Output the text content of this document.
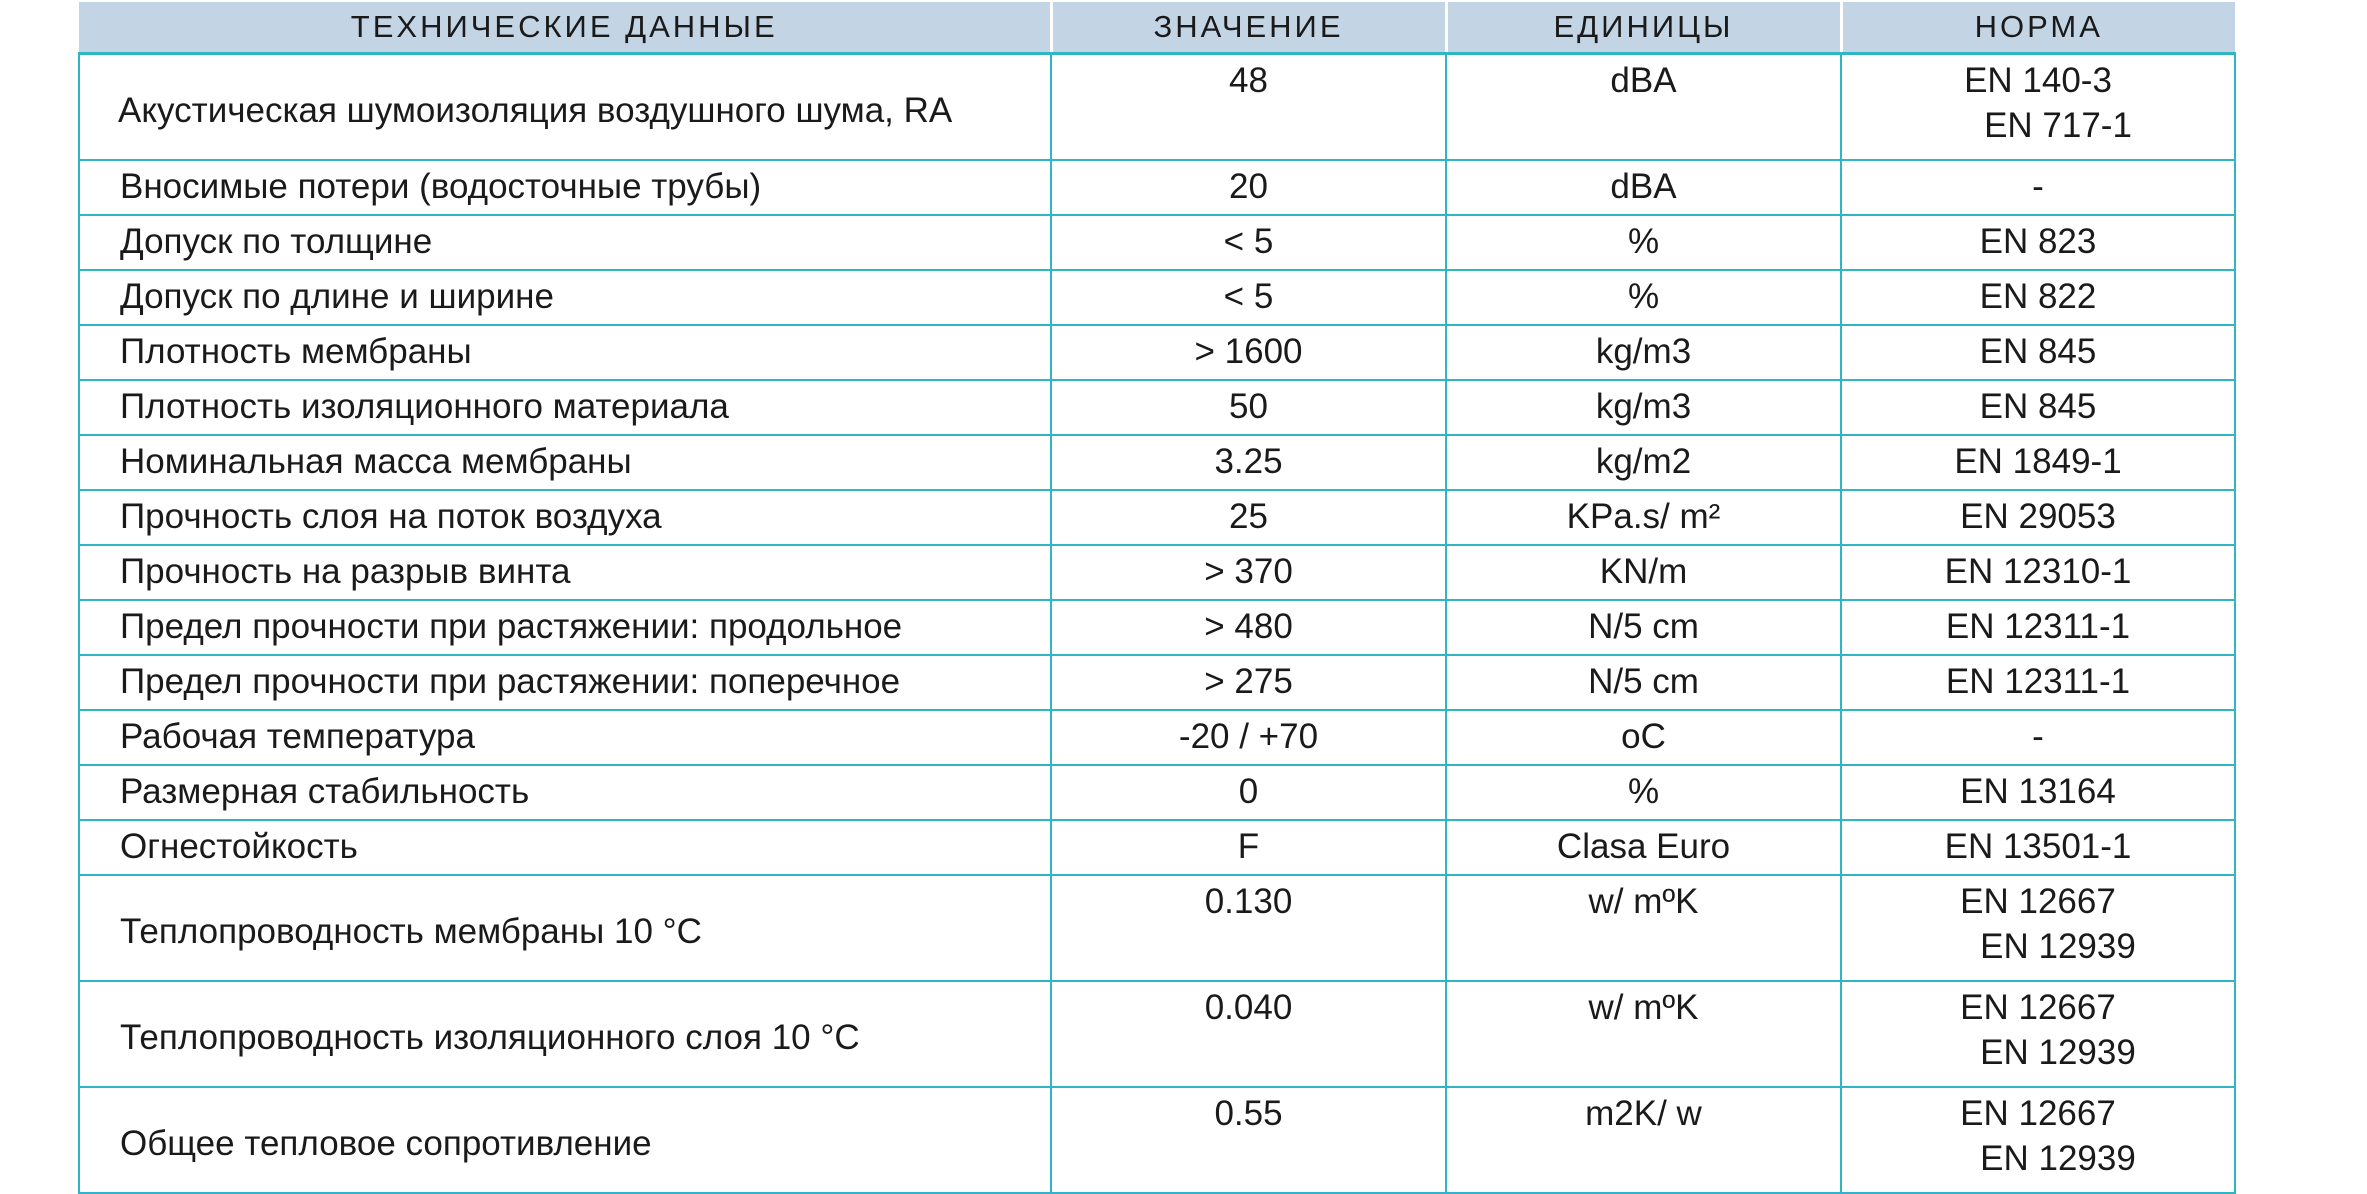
ТЕХНИЧЕСКИЕ ДАННЫЕ	ЗНАЧЕНИЕ	ЕДИНИЦЫ	НОРМА
Акустическая шумоизоляция воздушного шума, RA	48	dBA	EN 140-3
EN 717-1

Вносимые потери (водосточные трубы)	20	dBA	-
Допуск по толщине	< 5	%	EN 823
Допуск по длине и ширине	< 5	%	EN 822
Плотность мембраны	> 1600	kg/m3	EN 845
Плотность изоляционного материала	50	kg/m3	EN 845
Номинальная масса мембраны	3.25	kg/m2	EN 1849-1
Прочность слоя на поток воздуха	25	KPa.s/ m²	EN 29053
Прочность на разрыв винта	> 370	KN/m	EN 12310-1
Предел прочности при растяжении: продольное	> 480	N/5 cm	EN 12311-1
Предел прочности при растяжении: поперечное	> 275	N/5 cm	EN 12311-1
Рабочая температура	-20 / +70	oC	-
Размерная стабильность	0	%	EN 13164
Огнестойкость	F	Clasa Euro	EN 13501-1
Теплопроводность мембраны 10 °C	0.130	w/ mºK	EN 12667
EN 12939

Теплопроводность изоляционного слоя 10 °C	0.040	w/ mºK	EN 12667
EN 12939

Общее тепловое сопротивление	0.55	m2K/ w	EN 12667
EN 12939
